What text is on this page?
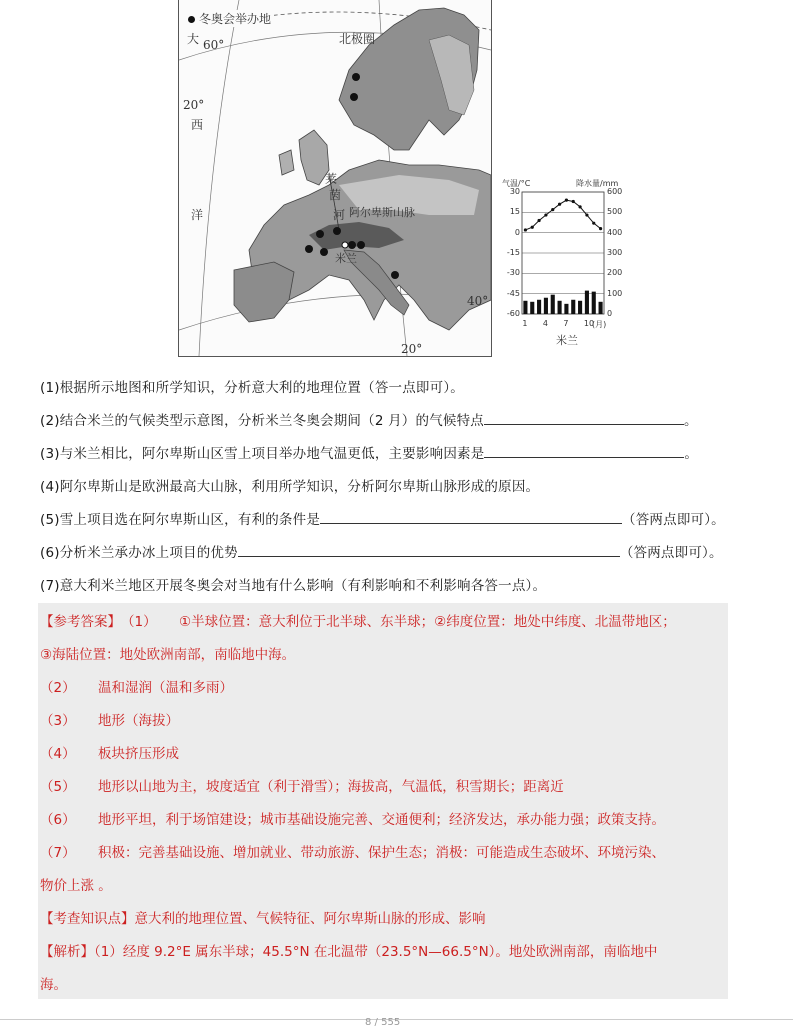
冬奥会举办地
大 60°	北极圈
20°
西
洋
莱
茵
河 阿尔卑斯山脉
米兰
40°
20°
气温/°C	降水量/mm
米兰
30
15
0
-15
-30
-45
-60
600
500
400
300
200
100
0
1 4 7 10
(月)
(1)根据所示地图和所学知识，分析意大利的地理位置（答一点即可）。
(2)结合米兰的气候类型示意图，分析米兰冬奥会期间（2 月）的气候特点	。
(3)与米兰相比，阿尔卑斯山区雪上项目举办地气温更低，主要影响因素是	。
(4)阿尔卑斯山是欧洲最高大山脉，利用所学知识，分析阿尔卑斯山脉形成的原因。
(5)雪上项目选在阿尔卑斯山区，有利的条件是	（答两点即可）。
(6)分析米兰承办冰上项目的优势	（答两点即可）。
(7)意大利米兰地区开展冬奥会对当地有什么影响（有利影响和不利影响各答一点）。
【参考答案】（1） ①半球位置：意大利位于北半球、东半球；②纬度位置：地处中纬度、北温带地区；
③海陆位置：地处欧洲南部，南临地中海。
（2） 温和湿润（温和多雨）
（3） 地形（海拔）
（4） 板块挤压形成
（5） 地形以山地为主，坡度适宜（利于滑雪）；海拔高，气温低，积雪期长；距离近
（6） 地形平坦，利于场馆建设；城市基础设施完善、交通便利；经济发达，承办能力强；政策支持。
（7） 积极：完善基础设施、增加就业、带动旅游、保护生态；消极：可能造成生态破坏、环境污染、
物价上涨 。
【考查知识点】意大利的地理位置、气候特征、阿尔卑斯山脉的形成、影响
【解析】（1）经度 9.2°E 属东半球；45.5°N 在北温带（23.5°N—66.5°N）。地处欧洲南部，南临地中
海。
8 / 555
